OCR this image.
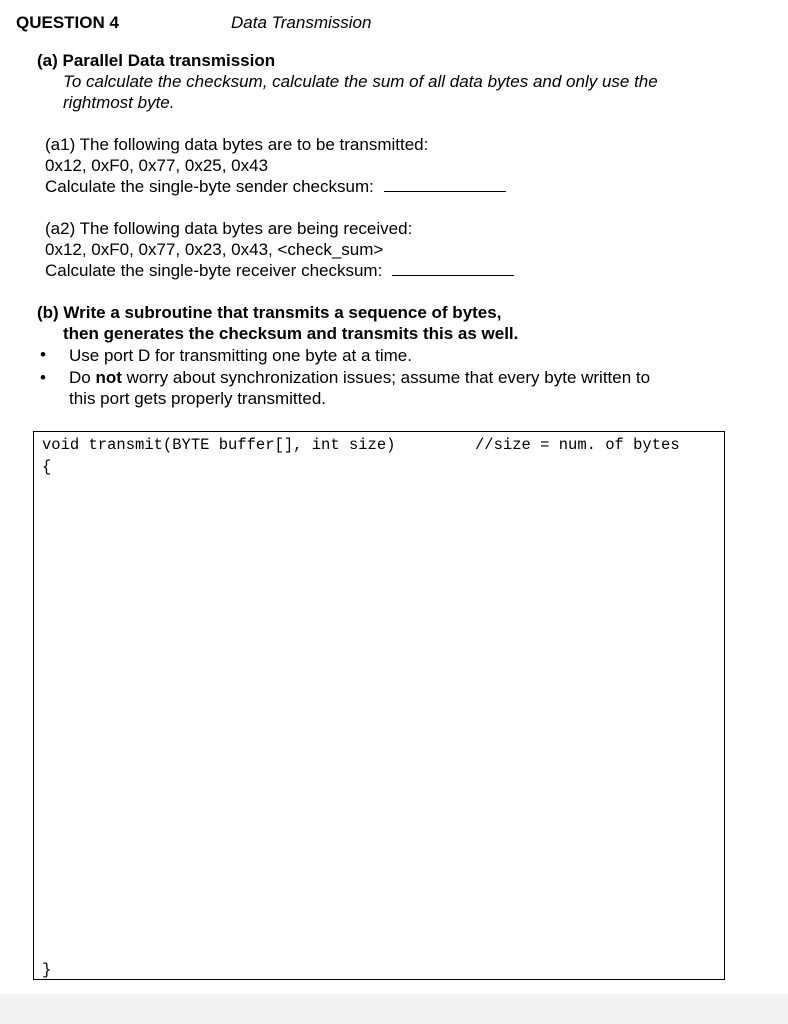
QUESTION 4	Data Transmission
(a) Parallel Data transmission
To calculate the checksum, calculate the sum of all data bytes and only use the
rightmost byte.
(a1) The following data bytes are to be transmitted:
0x12, 0xF0, 0x77, 0x25, 0x43
Calculate the single-byte sender checksum:
(a2) The following data bytes are being received:
0x12, 0xF0, 0x77, 0x23, 0x43, <check_sum>
Calculate the single-byte receiver checksum:
(b) Write a subroutine that transmits a sequence of bytes,
then generates the checksum and transmits this as well.
• Use port D for transmitting one byte at a time.
• Do not worry about synchronization issues; assume that every byte written to
this port gets properly transmitted.
void transmit(BYTE buffer[], int size)	//size = num. of bytes
{
}
